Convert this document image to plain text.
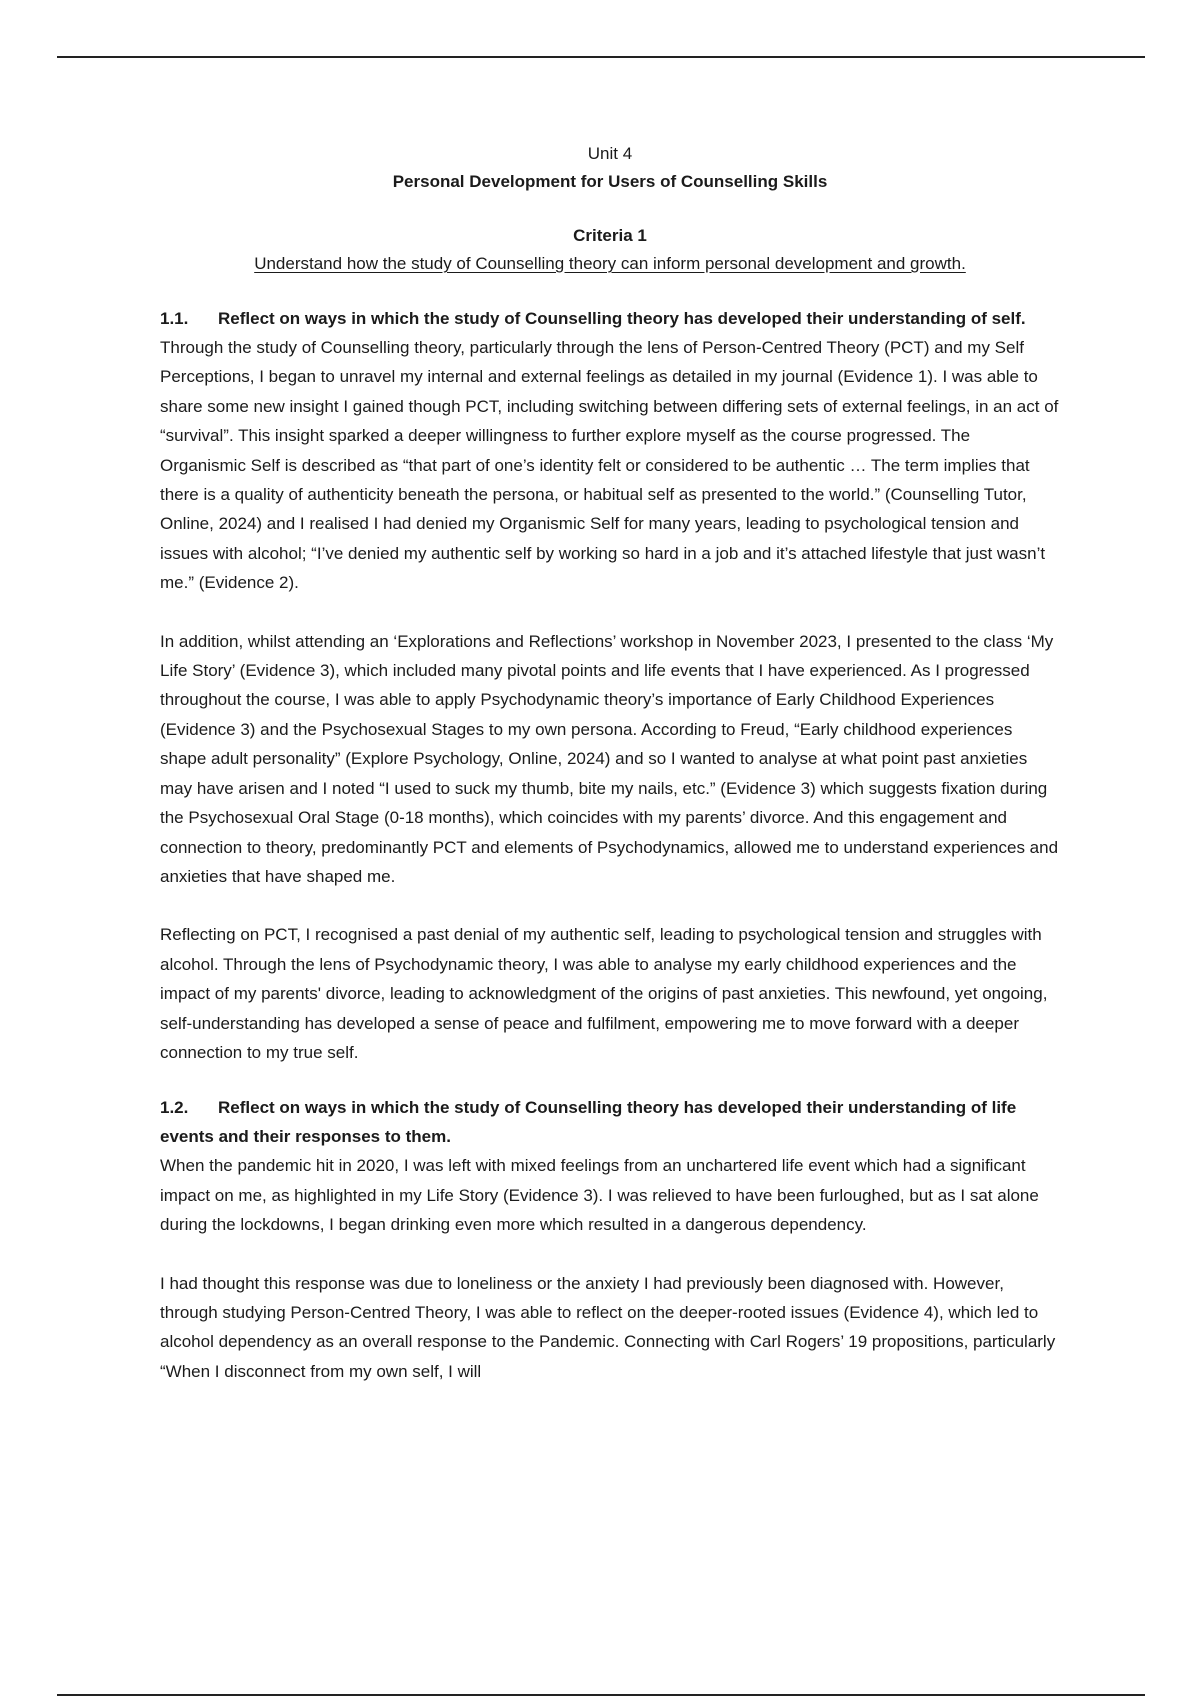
Unit 4

Personal Development for Users of Counselling Skills

Criteria 1

Understand how the study of Counselling theory can inform personal development and growth.

1.1. Reflect on ways in which the study of Counselling theory has developed their understanding of self.

Through the study of Counselling theory, particularly through the lens of Person-Centred Theory (PCT) and my Self Perceptions, I began to unravel my internal and external feelings as detailed in my journal (Evidence 1). I was able to share some new insight I gained though PCT, including switching between differing sets of external feelings, in an act of “survival”. This insight sparked a deeper willingness to further explore myself as the course progressed. The Organismic Self is described as “that part of one’s identity felt or considered to be authentic … The term implies that there is a quality of authenticity beneath the persona, or habitual self as presented to the world.” (Counselling Tutor, Online, 2024) and I realised I had denied my Organismic Self for many years, leading to psychological tension and issues with alcohol; “I’ve denied my authentic self by working so hard in a job and it’s attached lifestyle that just wasn’t me.” (Evidence 2).

In addition, whilst attending an ‘Explorations and Reflections’ workshop in November 2023, I presented to the class ‘My Life Story’ (Evidence 3), which included many pivotal points and life events that I have experienced. As I progressed throughout the course, I was able to apply Psychodynamic theory’s importance of Early Childhood Experiences (Evidence 3) and the Psychosexual Stages to my own persona. According to Freud, “Early childhood experiences shape adult personality” (Explore Psychology, Online, 2024) and so I wanted to analyse at what point past anxieties may have arisen and I noted “I used to suck my thumb, bite my nails, etc.” (Evidence 3) which suggests fixation during the Psychosexual Oral Stage (0-18 months), which coincides with my parents’ divorce. And this engagement and connection to theory, predominantly PCT and elements of Psychodynamics, allowed me to understand experiences and anxieties that have shaped me.

Reflecting on PCT, I recognised a past denial of my authentic self, leading to psychological tension and struggles with alcohol. Through the lens of Psychodynamic theory, I was able to analyse my early childhood experiences and the impact of my parents' divorce, leading to acknowledgment of the origins of past anxieties. This newfound, yet ongoing, self-understanding has developed a sense of peace and fulfilment, empowering me to move forward with a deeper connection to my true self.

1.2. Reflect on ways in which the study of Counselling theory has developed their understanding of life events and their responses to them.

When the pandemic hit in 2020, I was left with mixed feelings from an unchartered life event which had a significant impact on me, as highlighted in my Life Story (Evidence 3). I was relieved to have been furloughed, but as I sat alone during the lockdowns, I began drinking even more which resulted in a dangerous dependency.

I had thought this response was due to loneliness or the anxiety I had previously been diagnosed with. However, through studying Person-Centred Theory, I was able to reflect on the deeper-rooted issues (Evidence 4), which led to alcohol dependency as an overall response to the Pandemic. Connecting with Carl Rogers’ 19 propositions, particularly “When I disconnect from my own self, I will
